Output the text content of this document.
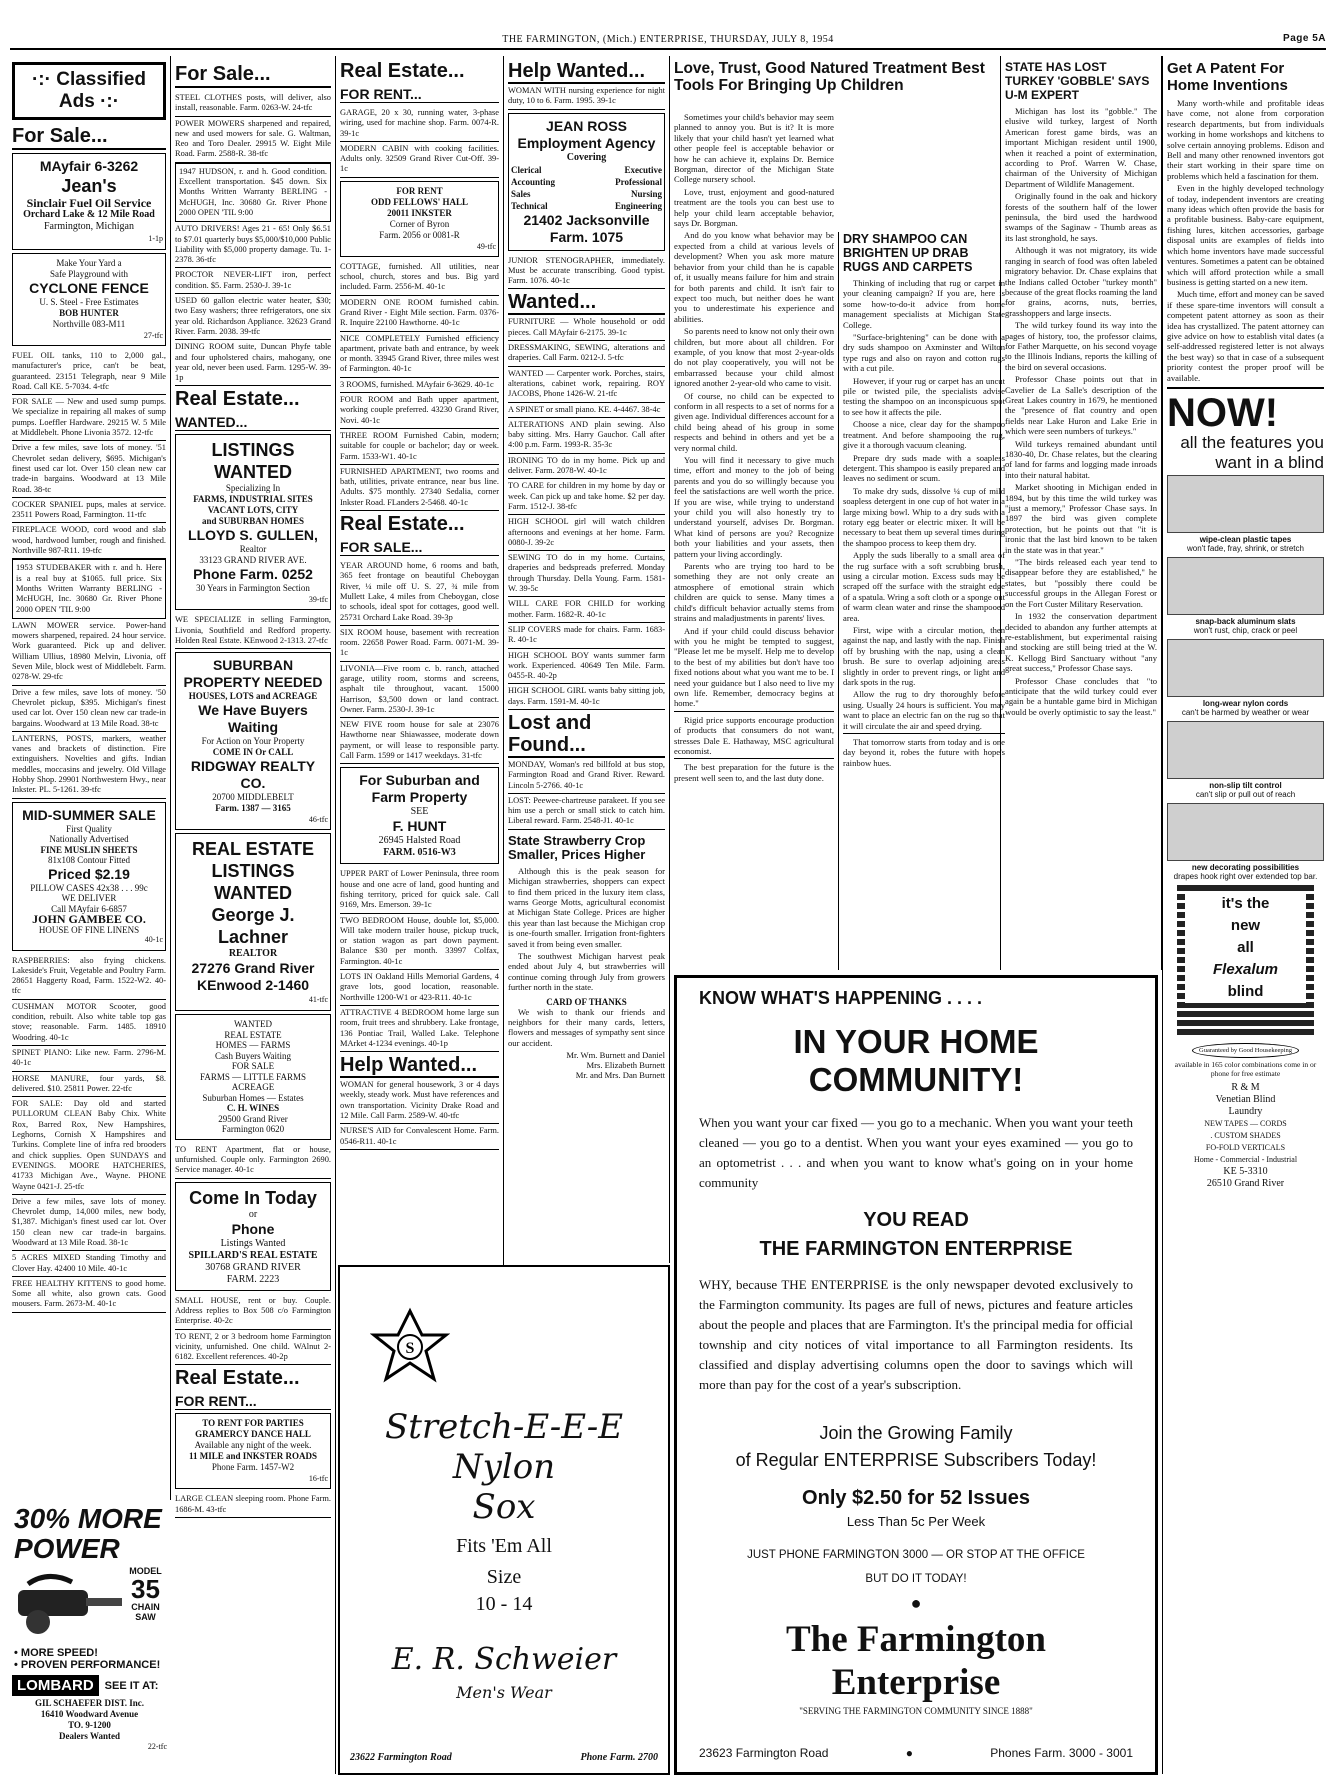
THE FARMINGTON, (Mich.) ENTERPRISE, THURSDAY, JULY 8, 1954	Page 5A
·:· Classified Ads ·:·
For Sale...
MAyfair 6-3262
Jean's
Sinclair Fuel Oil Service
Orchard Lake & 12 Mile Road
Farmington, Michigan
1-1p
Make Your Yard a
Safe Playground with
CYCLONE FENCE
U. S. Steel - Free Estimates
BOB HUNTER
Northville 083-M11
27-tfc

FUEL OIL tanks, 110 to 2,000 gal., manufacturer's price, can't be beat, guaranteed. 23151 Telegraph, near 9 Mile Road. Call KE. 5-7034. 4-tfc

FOR SALE — New and used sump pumps. We specialize in repairing all makes of sump pumps. Loeffler Hardware. 29215 W. 5 Mile at Middlebelt. Phone Livonia 3572. 12-tfc

Drive a few miles, save lots of money. '51 Chevrolet sedan delivery, $695. Michigan's finest used car lot. Over 150 clean new car trade-in bargains. Woodward at 13 Mile Road. 38-tc

COCKER SPANIEL pups, males at service. 23511 Powers Road, Farmington. 11-tfc

FIREPLACE WOOD, cord wood and slab wood, hardwood lumber, rough and finished. Northville 987-R11. 19-tfc

1953 STUDEBAKER with r. and h. Here is a real buy at $1065. full price. Six Months Written Warranty BERLING - McHUGH, Inc. 30680 Gr. River Phone 2000 OPEN 'TIL 9:00

LAWN MOWER service. Power-hand mowers sharpened, repaired. 24 hour service. Work guaranteed. Pick up and deliver. William Ullius, 18980 Melvin, Livonia, off Seven Mile, block west of Middlebelt. Farm. 0278-W. 29-tfc

Drive a few miles, save lots of money. '50 Chevrolet pickup, $395. Michigan's finest used car lot. Over 150 clean new car trade-in bargains. Woodward at 13 Mile Road. 38-tc

LANTERNS, POSTS, markers, weather vanes and brackets of distinction. Fire extinguishers. Novelties and gifts. Indian meddles, moccasins and jewelry. Old Village Hobby Shop. 29901 Northwestern Hwy., near Inkster. PL. 5-1261. 39-tfc

MID-SUMMER SALE
First Quality
Nationally Advertised
FINE MUSLIN SHEETS
81x108 Contour Fitted
Priced $2.19
PILLOW CASES 42x38 . . . 99c
WE DELIVER
Call MAyfair 6-6857
JOHN GAMBEE CO.
HOUSE OF FINE LINENS
40-1c

RASPBERRIES: also frying chickens. Lakeside's Fruit, Vegetable and Poultry Farm. 28651 Haggerty Road, Farm. 1522-W2. 40-tfc

CUSHMAN MOTOR Scooter, good condition, rebuilt. Also white table top gas stove; reasonable. Farm. 1485. 18910 Woodring. 40-1c

SPINET PIANO: Like new. Farm. 2796-M. 40-1c

HORSE MANURE, four yards, $8. delivered. $10. 25811 Power. 22-tfc

FOR SALE: Day old and started PULLORUM CLEAN Baby Chix. White Rox, Barred Rox, New Hampshires, Leghorns, Cornish X Hampshires and Turkins. Complete line of infra red brooders and chick supplies. Open SUNDAYS and EVENINGS. MOORE HATCHERIES, 41733 Michigan Ave., Wayne. PHONE Wayne 0421-J. 25-tfc

Drive a few miles, save lots of money. Chevrolet dump, 14,000 miles, new body, $1,387. Michigan's finest used car lot. Over 150 clean new car trade-in bargains. Woodward at 13 Mile Road. 38-1c

5 ACRES MIXED Standing Timothy and Clover Hay. 42400 10 Mile. 40-1c

FREE HEALTHY KITTENS to good home. Some all white, also grown cats. Good mousers. Farm. 2673-M. 40-1c

30% MORE POWER
MODEL
35
CHAIN SAW
• MORE SPEED!
• PROVEN PERFORMANCE!
LOMBARD	SEE IT AT:
GIL SCHAEFER DIST. Inc.
16410 Woodward Avenue
TO. 9-1200
Dealers Wanted
22-tfc
For Sale...

STEEL CLOTHES posts, will deliver, also install, reasonable. Farm. 0263-W. 24-tfc

POWER MOWERS sharpened and repaired, new and used mowers for sale. G. Waltman, Reo and Toro Dealer. 29915 W. Eight Mile Road. Farm. 2588-R. 38-tfc

1947 HUDSON, r. and h. Good condition. Excellent transportation. $45 down. Six Months Written Warranty BERLING - McHUGH, Inc. 30680 Gr. River Phone 2000 OPEN 'TIL 9:00

AUTO DRIVERS! Ages 21 - 65! Only $6.51 to $7.01 quarterly buys $5,000/$10,000 Public Liability with $5,000 property damage. Tu. 1-2378. 36-tfc

PROCTOR NEVER-LIFT iron, perfect condition. $5. Farm. 2530-J. 39-1c

USED 60 gallon electric water heater, $30; two Easy washers; three refrigerators, one six year old. Richardson Appliance. 32623 Grand River. Farm. 2038. 39-tfc

DINING ROOM suite, Duncan Phyfe table and four upholstered chairs, mahogany, one year old, never been used. Farm. 1295-W. 39-1p

Real Estate...
WANTED...
LISTINGS WANTED
Specializing In
FARMS, INDUSTRIAL SITES
VACANT LOTS, CITY
and SUBURBAN HOMES
LLOYD S. GULLEN,
Realtor
33123 GRAND RIVER AVE.
Phone Farm. 0252
30 Years in Farmington Section
39-tfc

WE SPECIALIZE in selling Farmington, Livonia, Southfield and Redford property. Holden Real Estate. KEnwood 2-1313. 27-tfc

SUBURBAN PROPERTY NEEDED
HOUSES, LOTS and ACREAGE
We Have Buyers Waiting
For Action on Your Property
COME IN Or CALL
RIDGWAY REALTY CO.
20700 MIDDLEBELT
Farm. 1387 — 3165
46-tfc
REAL ESTATE LISTINGS WANTED
George J. Lachner
REALTOR
27276 Grand River
KEnwood 2-1460
41-tfc
WANTED
REAL ESTATE
HOMES — FARMS
Cash Buyers Waiting
FOR SALE
FARMS — LITTLE FARMS
ACREAGE
Suburban Homes — Estates
C. H. WINES
29500 Grand River
Farmington 0620

TO RENT Apartment, flat or house, unfurnished. Couple only. Farmington 2690. Service manager. 40-1c

Come In Today
or
Phone
Listings Wanted
SPILLARD'S REAL ESTATE
30768 GRAND RIVER
FARM. 2223

SMALL HOUSE, rent or buy. Couple. Address replies to Box 508 c/o Farmington Enterprise. 40-2c

TO RENT, 2 or 3 bedroom home Farmington vicinity, unfurnished. One child. WAlnut 2-6182. Excellent references. 40-2p

Real Estate...
FOR RENT...
TO RENT FOR PARTIES
GRAMERCY DANCE HALL
Available any night of the week.
11 MILE and INKSTER ROADS
Phone Farm. 1457-W2
16-tfc

LARGE CLEAN sleeping room. Phone Farm. 1686-M. 43-tfc

Real Estate...
FOR RENT...

GARAGE, 20 x 30, running water, 3-phase wiring, used for machine shop. Farm. 0074-R. 39-1c

MODERN CABIN with cooking facilities. Adults only. 32509 Grand River Cut-Off. 39-1c

FOR RENT
ODD FELLOWS' HALL
20011 INKSTER
Corner of Byron
Farm. 2056 or 0081-R
49-tfc

COTTAGE, furnished. All utilities, near school, church, stores and bus. Big yard included. Farm. 2556-M. 40-1c

MODERN ONE ROOM furnished cabin. Grand River - Eight Mile section. Farm. 0376-R. Inquire 22100 Hawthorne. 40-1c

NICE COMPLETELY Furnished efficiency apartment, private bath and entrance, by week or month. 33945 Grand River, three miles west of Farmington. 40-1c

3 ROOMS, furnished. MAyfair 6-3629. 40-1c

FOUR ROOM and Bath upper apartment, working couple preferred. 43230 Grand River, Novi. 40-1c

THREE ROOM Furnished Cabin, modern; suitable for couple or bachelor; day or week. Farm. 1533-W1. 40-1c

FURNISHED APARTMENT, two rooms and bath, utilities, private entrance, near bus line. Adults. $75 monthly. 27340 Sedalia, corner Inkster Road. FLanders 2-5468. 40-1c

Real Estate...
FOR SALE...

YEAR AROUND home, 6 rooms and bath, 365 feet frontage on beautiful Cheboygan River, ¼ mile off U. S. 27, ¾ mile from Mullett Lake, 4 miles from Cheboygan, close to schools, ideal spot for cottages, good well. 25731 Orchard Lake Road. 39-3p

SIX ROOM house, basement with recreation room. 22658 Power Road. Farm. 0071-M. 39-1c

LIVONIA—Five room c. b. ranch, attached garage, utility room, storms and screens, asphalt tile throughout, vacant. 15000 Harrison, $3,500 down or land contract. Owner. Farm. 2530-J. 39-1c

NEW FIVE room house for sale at 23076 Hawthorne near Shiawassee, moderate down payment, or will lease to responsible party. Call Farm. 1599 or 1417 weekdays. 31-tfc

For Suburban and Farm Property
SEE
F. HUNT
26945 Halsted Road
FARM. 0516-W3

UPPER PART of Lower Peninsula, three room house and one acre of land, good hunting and fishing territory, priced for quick sale. Call 9169, Mrs. Emerson. 39-1c

TWO BEDROOM House, double lot, $5,000. Will take modern trailer house, pickup truck, or station wagon as part down payment. Balance $30 per month. 33997 Colfax, Farmington. 40-1c

LOTS IN Oakland Hills Memorial Gardens, 4 grave lots, good location, reasonable. Northville 1200-W1 or 423-R11. 40-1c

ATTRACTIVE 4 BEDROOM home large sun room, fruit trees and shrubbery. Lake frontage, 136 Pontiac Trail, Walled Lake. Telephone MArket 4-1234 evenings. 40-1p

Help Wanted...

WOMAN for general housework, 3 or 4 days weekly, steady work. Must have references and own transportation. Vicinity Drake Road and 12 Mile. Call Farm. 2589-W. 40-tfc

NURSE'S AID for Convalescent Home. Farm. 0546-R11. 40-1c

Help Wanted...

WOMAN WITH nursing experience for night duty, 10 to 6. Farm. 1995. 39-1c

JEAN ROSS
Employment Agency
Covering
Clerical
Accounting
Sales
Technical
Executive
Professional
Nursing
Engineering
21402 Jacksonville
Farm. 1075

JUNIOR STENOGRAPHER, immediately. Must be accurate transcribing. Good typist. Farm. 1076. 40-1c

Wanted...

FURNITURE — Whole household or odd pieces. Call MAyfair 6-2175. 39-1c

DRESSMAKING, SEWING, alterations and draperies. Call Farm. 0212-J. 5-tfc

WANTED — Carpenter work. Porches, stairs, alterations, cabinet work, repairing. ROY JACOBS, Phone 1426-W. 21-tfc

A SPINET or small piano. KE. 4-4467. 38-4c

ALTERATIONS AND plain sewing. Also baby sitting. Mrs. Harry Gauchor. Call after 4:00 p.m. Farm. 1993-R. 35-3c

IRONING TO do in my home. Pick up and deliver. Farm. 2078-W. 40-1c

TO CARE for children in my home by day or week. Can pick up and take home. $2 per day. Farm. 1512-J. 38-tfc

HIGH SCHOOL girl will watch children afternoons and evenings at her home. Farm. 0080-J. 39-2c

SEWING TO do in my home. Curtains, draperies and bedspreads preferred. Monday through Thursday. Della Young. Farm. 1581-W. 39-5c

WILL CARE FOR CHILD for working mother. Farm. 1682-R. 40-1c

SLIP COVERS made for chairs. Farm. 1683-R. 40-1c

HIGH SCHOOL BOY wants summer farm work. Experienced. 40649 Ten Mile. Farm. 0455-R. 40-2p

HIGH SCHOOL GIRL wants baby sitting job, days. Farm. 1591-M. 40-1c

Lost and Found...

MONDAY, Woman's red billfold at bus stop, Farmington Road and Grand River. Reward. Lincoln 5-2766. 40-1c

LOST: Peewee-chartreuse parakeet. If you see him use a perch or small stick to catch him. Liberal reward. Farm. 2548-J1. 40-1c

State Strawberry Crop Smaller, Prices Higher

Although this is the peak season for Michigan strawberries, shoppers can expect to find them priced in the luxury item class, warns George Motts, agricultural economist at Michigan State College. Prices are higher this year than last because the Michigan crop is one-fourth smaller. Irrigation front-fighters saved it from being even smaller.

The southwest Michigan harvest peak ended about July 4, but strawberries will continue coming through July from growers further north in the state.

CARD OF THANKS

We wish to thank our friends and neighbors for their many cards, letters, flowers and messages of sympathy sent since our accident.

Mr. Wm. Burnett and Daniel
Mrs. Elizabeth Burnett
Mr. and Mrs. Dan Burnett
S
Stretch-E-E-E
Nylon
Sox
Fits 'Em All
Size
10 - 14
E. R. Schweier
Men's Wear
23622 Farmington Road	Phone Farm. 2700
Love, Trust, Good Natured Treatment Best Tools For Bringing Up Children

Sometimes your child's behavior may seem planned to annoy you. But is it? It is more likely that your child hasn't yet learned what other people feel is acceptable behavior or how he can achieve it, explains Dr. Bernice Borgman, director of the Michigan State College nursery school.

Love, trust, enjoyment and good-natured treatment are the tools you can best use to help your child learn acceptable behavior, says Dr. Borgman.

And do you know what behavior may be expected from a child at various levels of development? When you ask more mature behavior from your child than he is capable of, it usually means failure for him and strain for both parents and child. It isn't fair to expect too much, but neither does he want you to underestimate his experience and abilities.

So parents need to know not only their own children, but more about all children. For example, of you know that most 2-year-olds do not play cooperatively, you will not be embarrassed because your child almost ignored another 2-year-old who came to visit.

Of course, no child can be expected to conform in all respects to a set of norms for a given age. Individual differences account for a child being ahead of his group in some respects and behind in others and yet be a very normal child.

You will find it necessary to give much time, effort and money to the job of being parents and you do so willingly because you feel the satisfactions are well worth the price. If you are wise, while trying to understand your child you will also honestly try to understand yourself, advises Dr. Borgman. What kind of persons are you? Recognize both your liabilities and your assets, then pattern your living accordingly.

Parents who are trying too hard to be something they are not only create an atmosphere of emotional strain which children are quick to sense. Many times a child's difficult behavior actually stems from strains and maladjustments in parents' lives.

And if your child could discuss behavior with you he might be tempted to suggest, "Please let me be myself. Help me to develop to the best of my abilities but don't have too fixed notions about what you want me to be. I need your guidance but I also need to live my own life. Remember, democracy begins at home."

Rigid price supports encourage production of products that consumers do not want, stresses Dale E. Hathaway, MSC agricultural economist.

The best preparation for the future is the present well seen to, and the last duty done.

DRY SHAMPOO CAN BRIGHTEN UP DRAB RUGS AND CARPETS

Thinking of including that rug or carpet in your cleaning campaign? If you are, here is some how-to-do-it advice from home management specialists at Michigan State College.

"Surface-brightening" can be done with a dry suds shampoo on Axminster and Wilton type rugs and also on rayon and cotton rugs with a cut pile.

However, if your rug or carpet has an uncut pile or twisted pile, the specialists advise testing the shampoo on an inconspicuous spot to see how it affects the pile.

Choose a nice, clear day for the shampoo treatment. And before shampooing the rug, give it a thorough vacuum cleaning.

Prepare dry suds made with a soapless detergent. This shampoo is easily prepared and leaves no sediment or scum.

To make dry suds, dissolve ¼ cup of mild soapless detergent in one cup of hot water in a large mixing bowl. Whip to a dry suds with a rotary egg beater or electric mixer. It will be necessary to beat them up several times during the shampoo process to keep them dry.

Apply the suds liberally to a small area of the rug surface with a soft scrubbing brush, using a circular motion. Excess suds may be scraped off the surface with the straight edge of a spatula. Wring a soft cloth or a sponge out of warm clean water and rinse the shampooed area.

First, wipe with a circular motion, then against the nap, and lastly with the nap. Finish off by brushing with the nap, using a clean brush. Be sure to overlap adjoining areas slightly in order to prevent rings, or light and dark spots in the rug.

Allow the rug to dry thoroughly before using. Usually 24 hours is sufficient. You may want to place an electric fan on the rug so that it will circulate the air and speed drying.

That tomorrow starts from today and is one day beyond it, robes the future with hope's rainbow hues.

STATE HAS LOST TURKEY 'GOBBLE' SAYS U-M EXPERT

Michigan has lost its "gobble." The elusive wild turkey, largest of North American forest game birds, was an important Michigan resident until 1900, when it reached a point of extermination, according to Prof. Warren W. Chase, chairman of the University of Michigan Department of Wildlife Management.

Originally found in the oak and hickory forests of the southern half of the lower peninsula, the bird used the hardwood swamps of the Saginaw - Thumb areas as its last stronghold, he says.

Although it was not migratory, its wide ranging in search of food was often labeled migratory behavior. Dr. Chase explains that the Indians called October "turkey month" because of the great flocks roaming the land for grains, acorns, nuts, berries, grasshoppers and large insects.

The wild turkey found its way into the pages of history, too, the professor claims, for Father Marquette, on his second voyage to the Illinois Indians, reports the killing of the bird on several occasions.

Professor Chase points out that in Cavelier de La Salle's description of the Great Lakes country in 1679, he mentioned the "presence of flat country and open fields near Lake Huron and Lake Erie in which were seen numbers of turkeys."

Wild turkeys remained abundant until 1830-40, Dr. Chase relates, but the clearing of land for farms and logging made inroads into their natural habitat.

Market shooting in Michigan ended in 1894, but by this time the wild turkey was "just a memory," Professor Chase says. In 1897 the bird was given complete protection, but he points out that "it is ironic that the last bird known to be taken in the state was in that year."

"The birds released each year tend to disappear before they are established," he states, but "possibly there could be successful groups in the Allegan Forest or on the Fort Custer Military Reservation.

In 1932 the conservation department decided to abandon any further attempts at re-establishment, but experimental raising and stocking are still being tried at the W. K. Kellogg Bird Sanctuary without "any great success," Professor Chase says.

Professor Chase concludes that "to anticipate that the wild turkey could ever again be a huntable game bird in Michigan would be overly optimistic to say the least."

KNOW WHAT'S HAPPENING . . . .
IN YOUR HOME COMMUNITY!
When you want your car fixed — you go to a mechanic. When you want your teeth cleaned — you go to a dentist. When you want your eyes examined — you go to an optometrist . . . and when you want to know what's going on in your home community
YOU READ
THE FARMINGTON ENTERPRISE
WHY, because THE ENTERPRISE is the only newspaper devoted exclusively to the Farmington community. Its pages are full of news, pictures and feature articles about the people and places that are Farmington. It's the principal media for official township and city notices of vital importance to all Farmington residents. Its classified and display advertising columns open the door to savings which will more than pay for the cost of a year's subscription.
Join the Growing Family
of Regular ENTERPRISE Subscribers Today!
Only $2.50 for 52 Issues
Less Than 5c Per Week
JUST PHONE FARMINGTON 3000 — OR STOP AT THE OFFICE
BUT DO IT TODAY!
●
The Farmington Enterprise
"SERVING THE FARMINGTON COMMUNITY SINCE 1888"
23623 Farmington Road	●	Phones Farm. 3000 - 3001
Get A Patent For Home Inventions

Many worth-while and profitable ideas have come, not alone from corporation research departments, but from individuals working in home workshops and kitchens to solve certain annoying problems. Edison and Bell and many other renowned inventors got their start working in their spare time on problems which held a fascination for them.

Even in the highly developed technology of today, independent inventors are creating many ideas which often provide the basis for a profitable business. Baby-care equipment, fishing lures, kitchen accessories, garbage disposal units are examples of fields into which home inventors have made successful ventures. Sometimes a patent can be obtained which will afford protection while a small business is getting started on a new item.

Much time, effort and money can be saved if these spare-time inventors will consult a competent patent attorney as soon as their idea has crystallized. The patent attorney can give advice on how to establish vital dates (a self-addressed registered letter is not always the best way) so that in case of a subsequent priority contest the proper proof will be available.

NOW!
all the features you want in a blind
wipe-clean plastic tapes
won't fade, fray, shrink, or stretch
snap-back aluminum slats
won't rust, chip, crack or peel
long-wear nylon cords
can't be harmed by weather or wear
non-slip tilt control
can't slip or pull out of reach
new decorating possibilities
drapes hook right over extended top bar.
it's the
new
all
Flexalum
blind
Guaranteed by Good Housekeeping
available in 165 color combinations come in or phone for free estimate
R & M
Venetian Blind
Laundry
NEW TAPES — CORDS
. CUSTOM SHADES
FO-FOLD VERTICALS
Home - Commercial - Industrial
KE 5-3310
26510 Grand River
